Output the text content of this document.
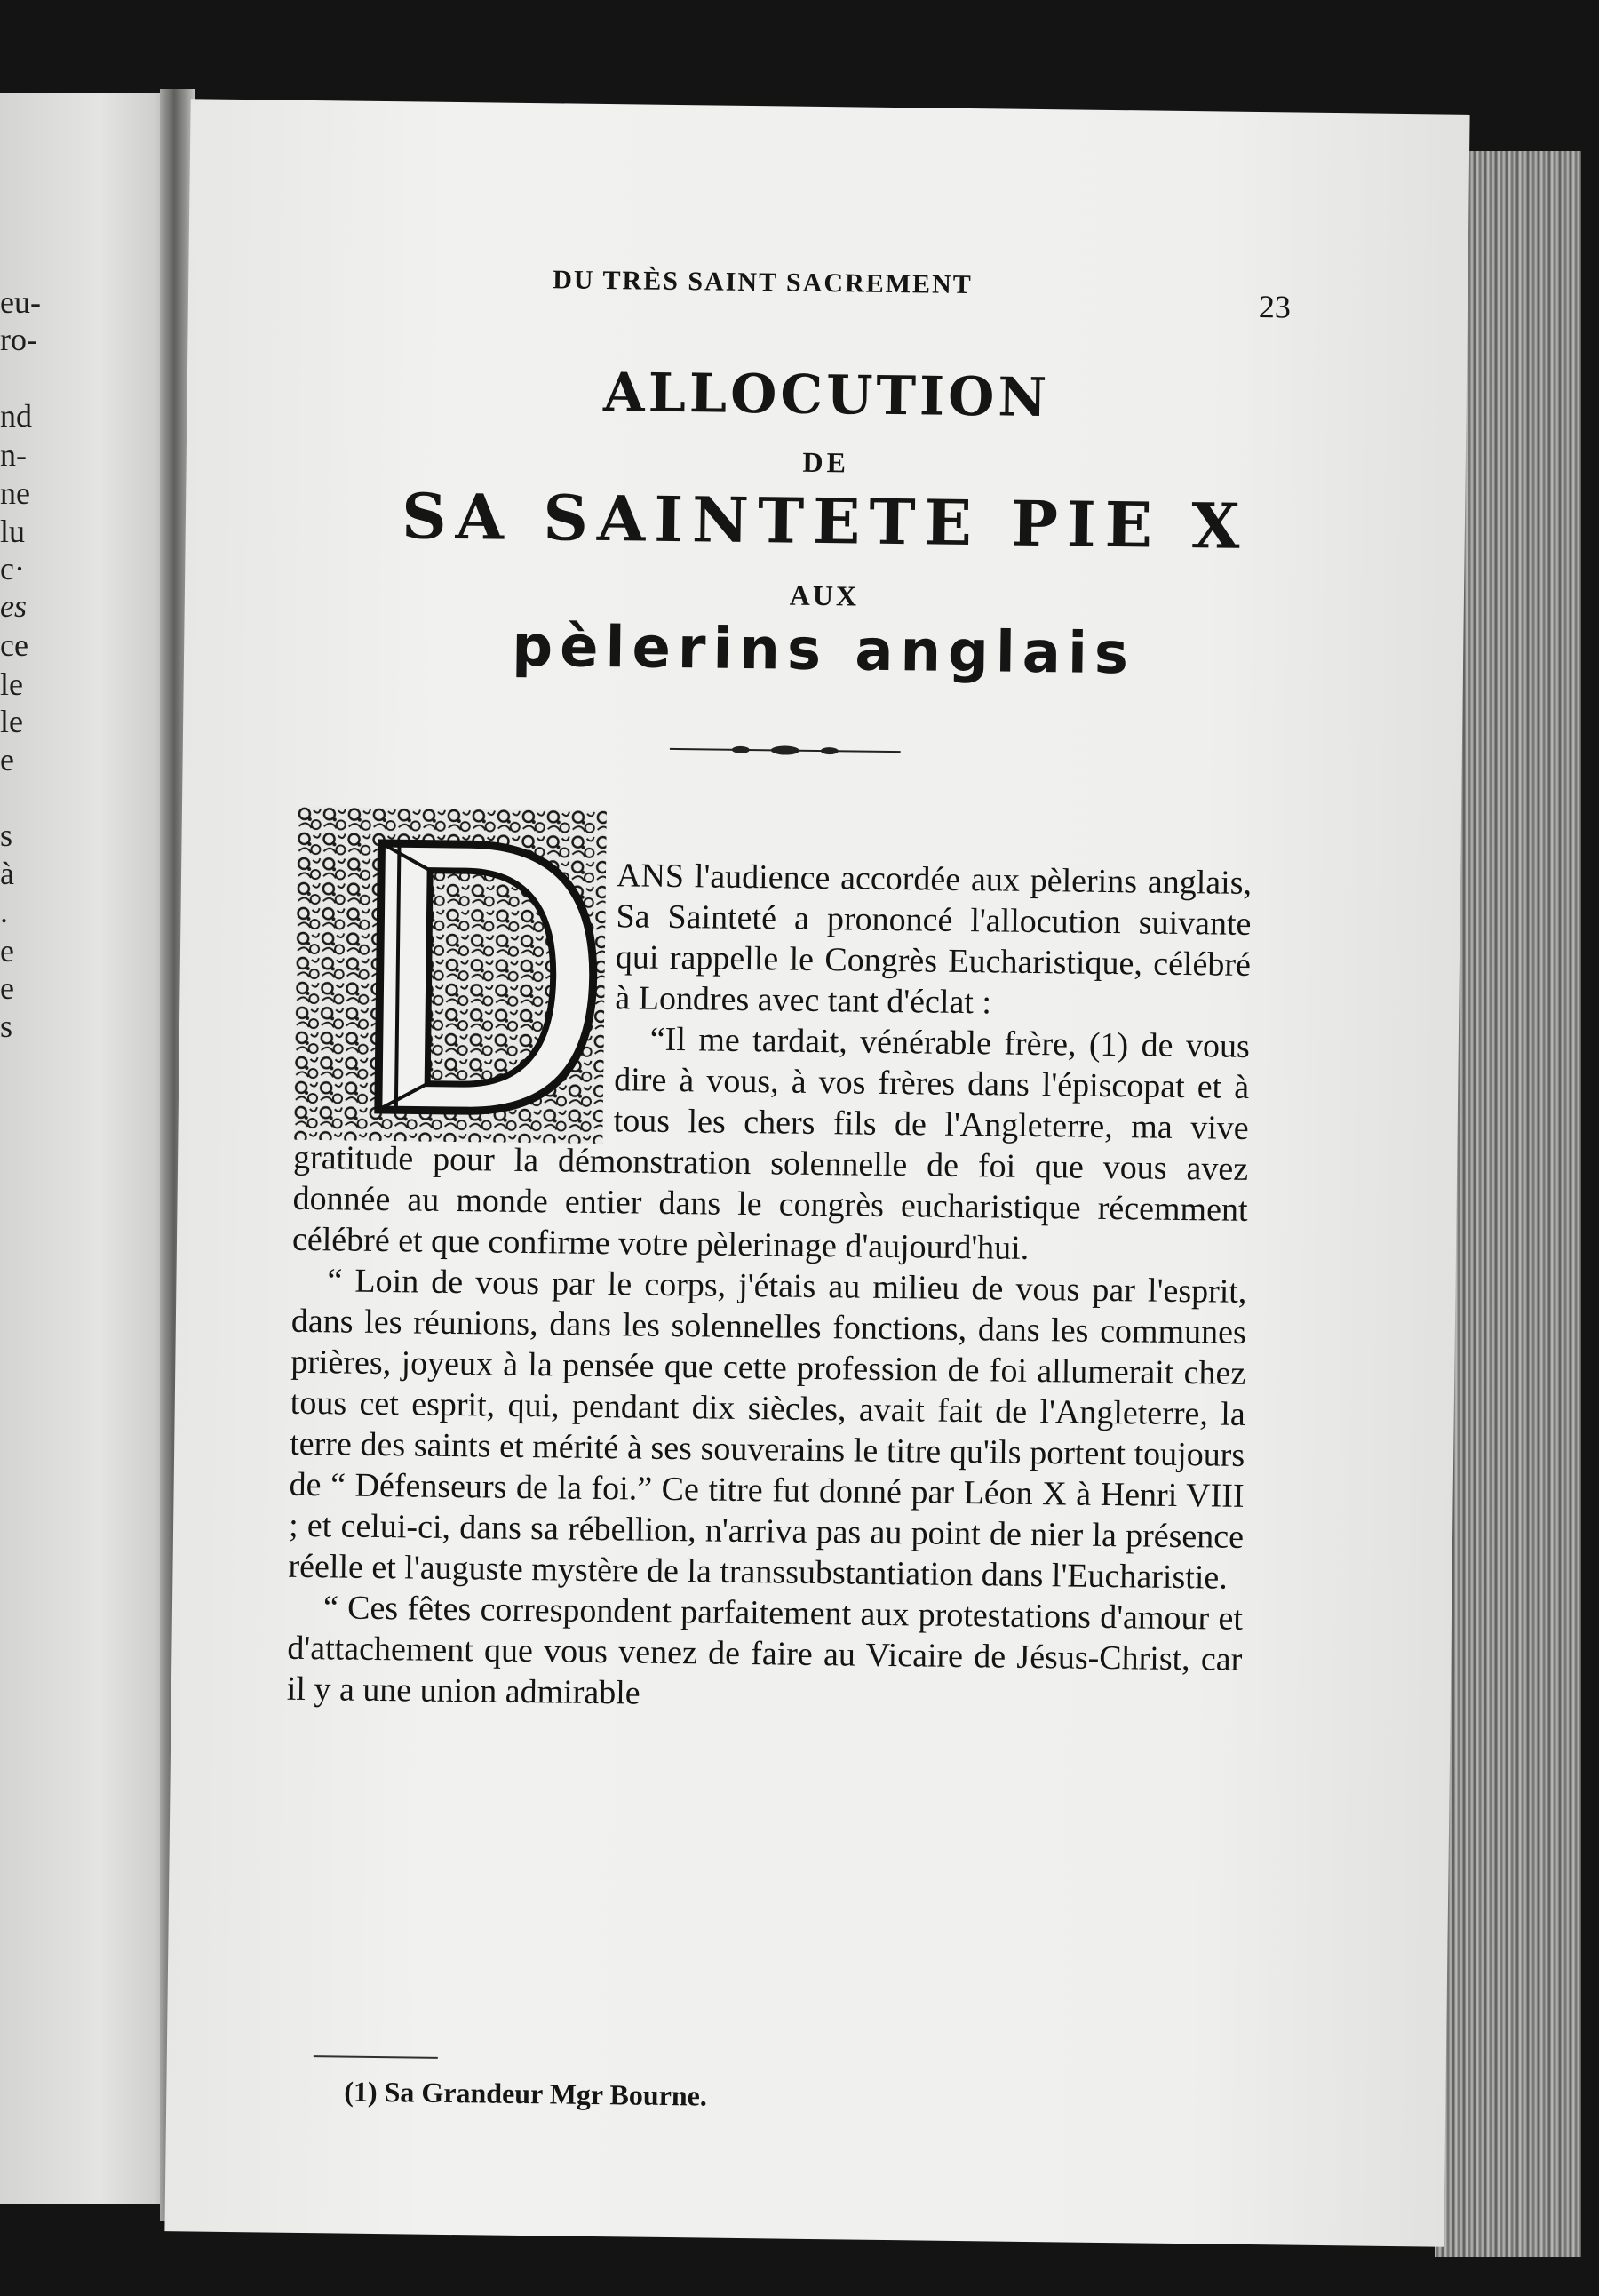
eu-
ro-
nd
n-
ne
lu
c·
es
ce
le
le
e
s
à
.
e
e
s
DU TRÈS SAINT SACREMENT
23
ALLOCUTION
DE
SA SAINTETE PIE X
AUX
pèlerins anglais

ANS l'audience accordée aux pèlerins anglais, Sa Sainteté a prononcé l'allocution suivante qui rappelle le Congrès Eucharistique, célébré à Londres avec tant d'éclat :

“Il me tardait, vénérable frère, (1) de vous dire à vous, à vos frères dans l'épiscopat et à tous les chers fils de l'Angleterre, ma vive gratitude pour la démonstration solennelle de foi que vous avez donnée au monde entier dans le congrès eucharistique récemment célébré et que confirme votre pèlerinage d'aujourd'hui.

“ Loin de vous par le corps, j'étais au milieu de vous par l'esprit, dans les réunions, dans les solennelles fonctions, dans les communes prières, joyeux à la pensée que cette profession de foi allumerait chez tous cet esprit, qui, pendant dix siècles, avait fait de l'Angleterre, la terre des saints et mérité à ses souverains le titre qu'ils portent toujours de “ Défenseurs de la foi.” Ce titre fut donné par Léon X à Henri VIII ; et celui-ci, dans sa rébellion, n'arriva pas au point de nier la présence réelle et l'auguste mystère de la transsubstantiation dans l'Eucharistie.

“ Ces fêtes correspondent parfaitement aux protestations d'amour et d'attachement que vous venez de faire au Vicaire de Jésus-Christ, car il y a une union admirable

(1) Sa Grandeur Mgr Bourne.
